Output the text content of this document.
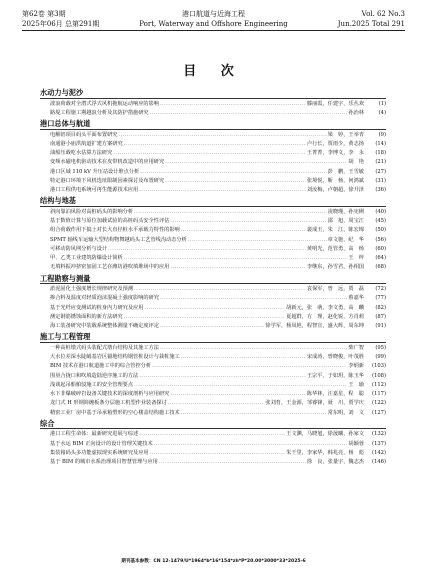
第62卷 第3期
2025年06月 总第291期
港口航道与近海工程
Port, Waterway and Offshore Engineering
Vol. 62 No.3
Jun.2025 Total 291
目 次
水动力与泥沙
波浪荷载对全潜式浮式风机拖航运动响应的影响 .....	滕丽霞，任建宇，乐丛欢	(1)
路堤工程施工期越浪分析及其防护措施研究 .....	孙治林	(4)
港口总体与航道
电解铝项目码头平面布置研究 .....	梁　婷，王举青	(9)
南通港小庙洪航道扩建方案研究 .....	卢行长，贾雨少，黄志扬	(14)
油船压载吃水估算方法研究 .....	王菁菁，李博文，李　永	(18)
变频水磁电机驱动技术在皮带机改造中的应用研究 .....	胡　艳	(21)
港口区域 110 kV 升压站设计堆点分析 .....	彭　鹏，王雪敏	(27)
特定港口环境下风机选址限制因素探讨及布置研究 .....	张境悦，靳　杨，何鸿斌	(31)
港口工程供电系统可再生能源技术应用 .....	刘汝梅，卢朝超，徐升泽	(36)
结构与地基
斜向靠泊风险对高桩码头的影响分析 .....	凌晓瑾，孙宪俐	(40)
基于数值计算与原位加载试验的高桩码头安全性评估 .....	邵　旭，周宝江	(45)
组合荷载作用下搞土对长大直径桩水平承载力特性的影响 .....	裴成玉，朱　江，陈宏锦	(50)
SPMT 轴线车运输大型结构物舞越码头工艺管线沟动态分析 .....	章文施，纪　华	(56)
可移动防风网分析与设计 .....	黄明光，范管勇，高　杨	(60)
甲、乙类工业建筑防爆设计简析 .....	王　梓	(64)
无填料振冲挤密加固工艺在潍坊港吹填堆场中的应用 .....	李继东，孙雪君，孙相国	(68)
工程勘察与测量
淤泥固化土强度增长规律研究及预测 .....	袁保军，曾　远，贾　磊	(72)
掺合料及温度对轻质泡沫混凝土强度影响的研究 .....	蔡嘉华	(77)
基于光纤应变测试的桩身内力研究及应用 .....	胡新元，张　萌，李文勇，高　麟	(82)
测定钢筋锈蚀面积的新方法研究 .....	夏超群，方　理，赵化锐，方肖莉	(87)
海工装备研究中装载系统整体测量不确定度评定 .....	徐学军，杨凤艳，程智宣，盛大辉，周东坤	(91)
施工与工程管理
一种高桩墩式码头装配式墩台结构及其施工方法 .....	柴广智	(95)
大水位差深水陡峭基岩区锚地结构钢管桩设计与栽桩施工 .....	宋成涛，曾晓俊，叶茂胜	(99)
BIM 技术在港口航道施工中的综合管控分析 .....	李炳新	(103)
围垦合拢口和吹填造陆逆序施工的方法 .....	王宗平，于如玥，陈玉华	(108)
浅谈起吊船舶驳施工的安全管理要点 .....	王　瑜	(112)
水下非爆破碎岩设备关键技术的深度剖析与应用研究 .....	陈华林，汪嘉星，程　聪	(117)
龙门式 H 形钢简缠板条分层施工机型作业装备探讨 .....	张刘育，王金源，邹睿锋，聂　川，贾学庆	(122)
精密工业厂房中基于吊承箱塑形的空心楼盖结构施工技术 .....	常东明，刘　文	(127)
综合
港口工程生命体：最新研究进展与综述 .....	王文渊，马晓旭，徐晟曦，孙家文	(132)
基于水运 BIM 正向设计的设计管理关键技术 .....	胡颖蓉	(137)
集装箱码头多功能虚拟现实系统研究及应用 .....	朱干里，李家华，韩兆亮，杨　彪	(142)
基于 BIM 的城市水系治理项目智慧管理与应用 .....	徐　良，张量宇，魏志杰	(146)
期刊基本参数：CN 12-1479/U*1964*b*16*154*zh*P*20.00*3000*33*2025-6
